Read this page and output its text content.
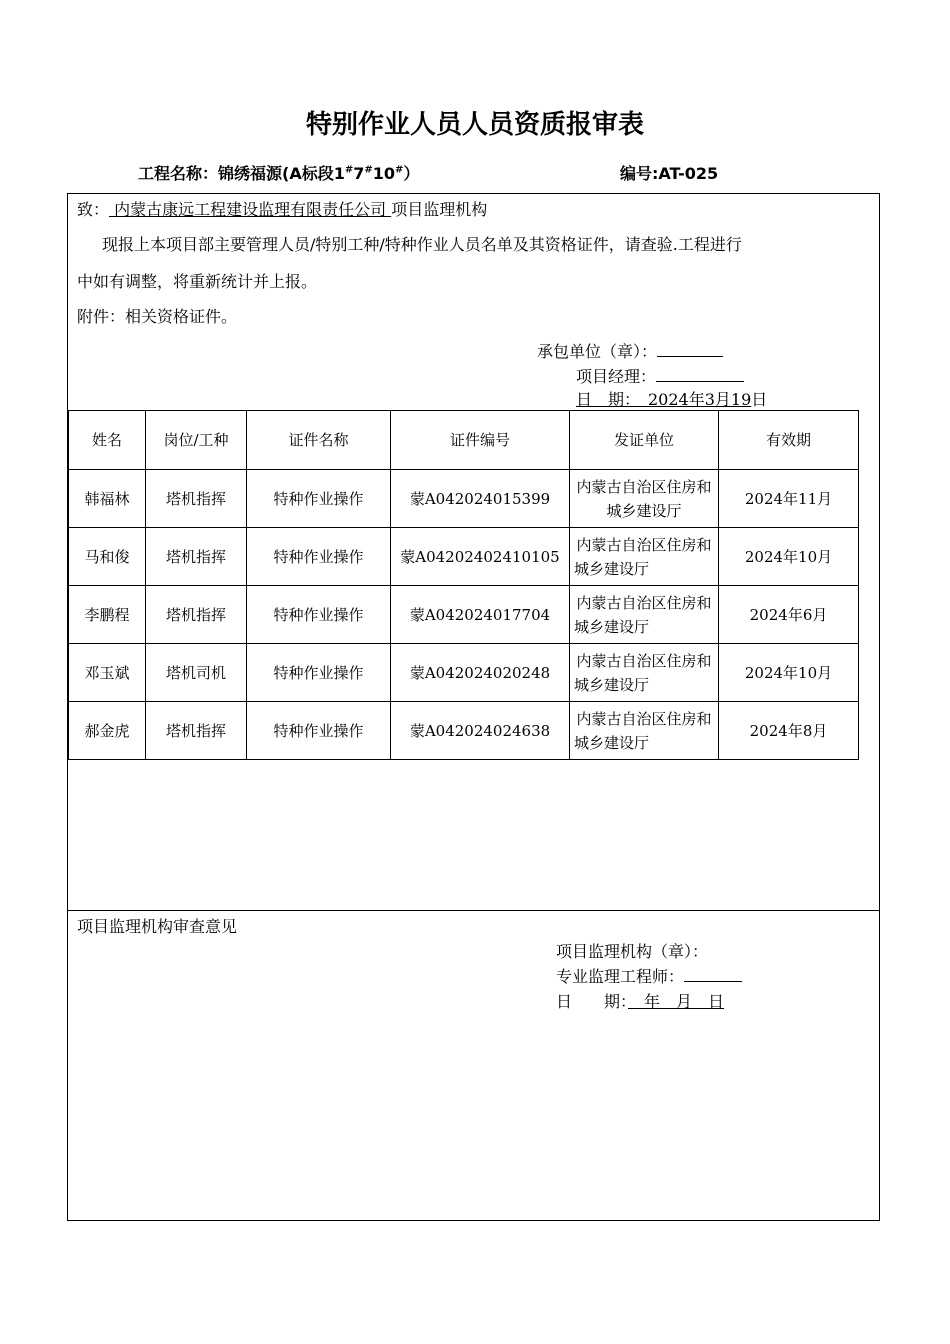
特别作业人员人员资质报审表
工程名称：锦绣福源(A标段1#7#10#）	编号:AT-025
致： 内蒙古康远工程建设监理有限责任公司 项目监理机构
现报上本项目部主要管理人员/特别工种/特种作业人员名单及其资格证件，请查验.工程进行
中如有调整，将重新统计并上报。
附件：相关资格证件。
承包单位（章）：
项目经理：
日　期：　2024年3月19日
姓名	岗位/工种	证件名称	证件编号	发证单位	有效期
韩福林	塔机指挥	特种作业操作	蒙A042024015399	内蒙古自治区住房和城乡建设厅	2024年11月
马和俊	塔机指挥	特种作业操作	蒙A04202402410105	内蒙古自治区住房和城乡建设厅	2024年10月
李鹏程	塔机指挥	特种作业操作	蒙A042024017704	内蒙古自治区住房和城乡建设厅	2024年6月
邓玉斌	塔机司机	特种作业操作	蒙A042024020248	内蒙古自治区住房和城乡建设厅	2024年10月
郝金虎	塔机指挥	特种作业操作	蒙A042024024638	内蒙古自治区住房和城乡建设厅	2024年8月
项目监理机构审查意见
项目监理机构（章）：
专业监理工程师：
日　　期：　年　月　日
